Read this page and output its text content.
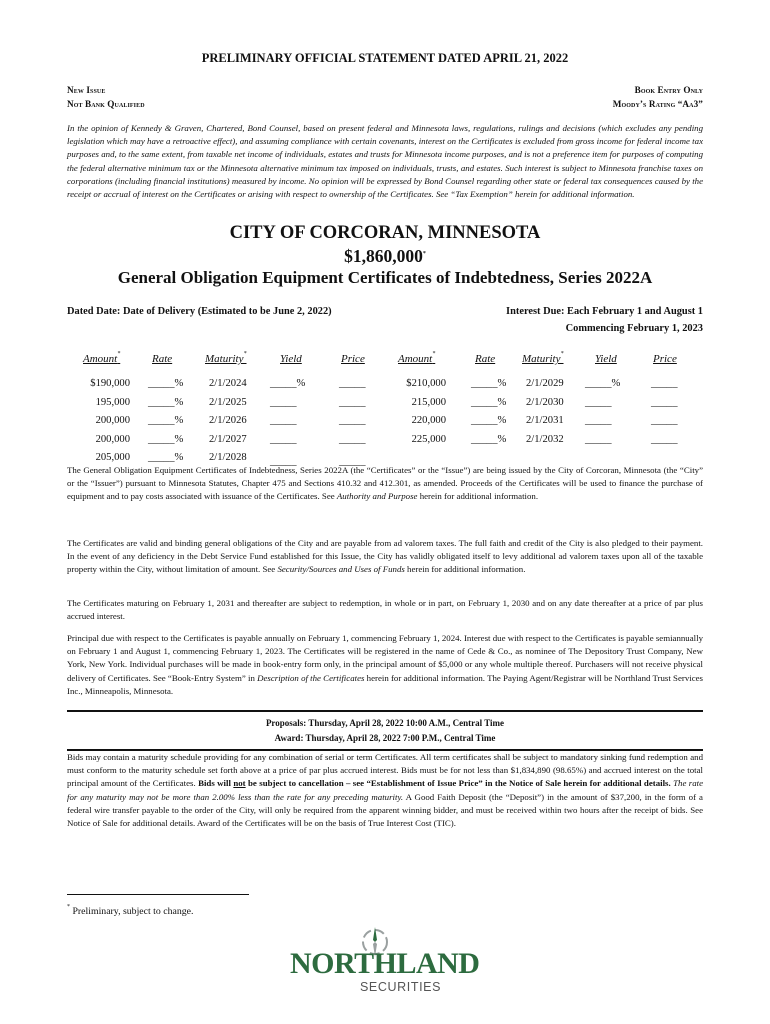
PRELIMINARY OFFICIAL STATEMENT DATED APRIL 21, 2022
New Issue
Not Bank Qualified
Book Entry Only
Moody’s Rating “Aa3”
In the opinion of Kennedy & Graven, Chartered, Bond Counsel, based on present federal and Minnesota laws, regulations, rulings and decisions (which excludes any pending legislation which may have a retroactive effect), and assuming compliance with certain covenants, interest on the Certificates is excluded from gross income for federal income tax purposes and, to the same extent, from taxable net income of individuals, estates and trusts for Minnesota income purposes, and is not a preference item for purposes of computing the federal alternative minimum tax or the Minnesota alternative minimum tax imposed on individuals, trusts, and estates. Such interest is subject to Minnesota franchise taxes on corporations (including financial institutions) measured by income. No opinion will be expressed by Bond Counsel regarding other state or federal tax consequences caused by the receipt or accrual of interest on the Certificates or arising with respect to ownership of the Certificates. See “Tax Exemption” herein for additional information.
CITY OF CORCORAN, MINNESOTA
$1,860,000*
General Obligation Equipment Certificates of Indebtedness, Series 2022A
Dated Date: Date of Delivery (Estimated to be June 2, 2022)	Interest Due: Each February 1 and August 1
Commencing February 1, 2023
Amount*	Rate	Maturity*	Yield	Price
$190,000 _____% 2/1/2024 _____%	_____
195,000 _____% 2/1/2025 _____	_____
200,000 _____% 2/1/2026 _____	_____
200,000 _____% 2/1/2027 _____	_____
205,000 _____% 2/1/2028 _____	_____
Amount*	Rate Maturity*	Yield	Price
$210,000 _____% 2/1/2029 _____%	_____
215,000 _____% 2/1/2030 _____	_____
220,000 _____% 2/1/2031 _____	_____
225,000 _____% 2/1/2032 _____	_____
The General Obligation Equipment Certificates of Indebtedness, Series 2022A (the “Certificates” or the “Issue”) are being issued by the City of Corcoran, Minnesota (the “City” or the “Issuer”) pursuant to Minnesota Statutes, Chapter 475 and Sections 410.32 and 412.301, as amended. Proceeds of the Certificates will be used to finance the purchase of equipment and to pay costs associated with issuance of the Certificates. See Authority and Purpose herein for additional information.
The Certificates are valid and binding general obligations of the City and are payable from ad valorem taxes. The full faith and credit of the City is also pledged to their payment. In the event of any deficiency in the Debt Service Fund established for this Issue, the City has validly obligated itself to levy additional ad valorem taxes upon all of the taxable property within the City, without limitation of amount. See Security/Sources and Uses of Funds herein for additional information.
The Certificates maturing on February 1, 2031 and thereafter are subject to redemption, in whole or in part, on February 1, 2030 and on any date thereafter at a price of par plus accrued interest.
Principal due with respect to the Certificates is payable annually on February 1, commencing February 1, 2024. Interest due with respect to the Certificates is payable semiannually on February 1 and August 1, commencing February 1, 2023. The Certificates will be registered in the name of Cede & Co., as nominee of The Depository Trust Company, New York, New York. Individual purchases will be made in book-entry form only, in the principal amount of $5,000 or any whole multiple thereof. Purchasers will not receive physical delivery of Certificates. See “Book-Entry System” in Description of the Certificates herein for additional information. The Paying Agent/Registrar will be Northland Trust Services Inc., Minneapolis, Minnesota.
Proposals: Thursday, April 28, 2022 10:00 A.M., Central Time
Award: Thursday, April 28, 2022 7:00 P.M., Central Time
Bids may contain a maturity schedule providing for any combination of serial or term Certificates. All term certificates shall be subject to mandatory sinking fund redemption and must conform to the maturity schedule set forth above at a price of par plus accrued interest. Bids must be for not less than $1,834,890 (98.65%) and accrued interest on the total principal amount of the Certificates. Bids will not be subject to cancellation – see “Establishment of Issue Price” in the Notice of Sale herein for additional details. The rate for any maturity may not be more than 2.00% less than the rate for any preceding maturity. A Good Faith Deposit (the “Deposit”) in the amount of $37,200, in the form of a federal wire transfer payable to the order of the City, will only be required from the apparent winning bidder, and must be received within two hours after the receipt of bids. See Notice of Sale for additional details. Award of the Certificates will be on the basis of True Interest Cost (TIC).
* Preliminary, subject to change.
NORTHLAND
SECURITIES
